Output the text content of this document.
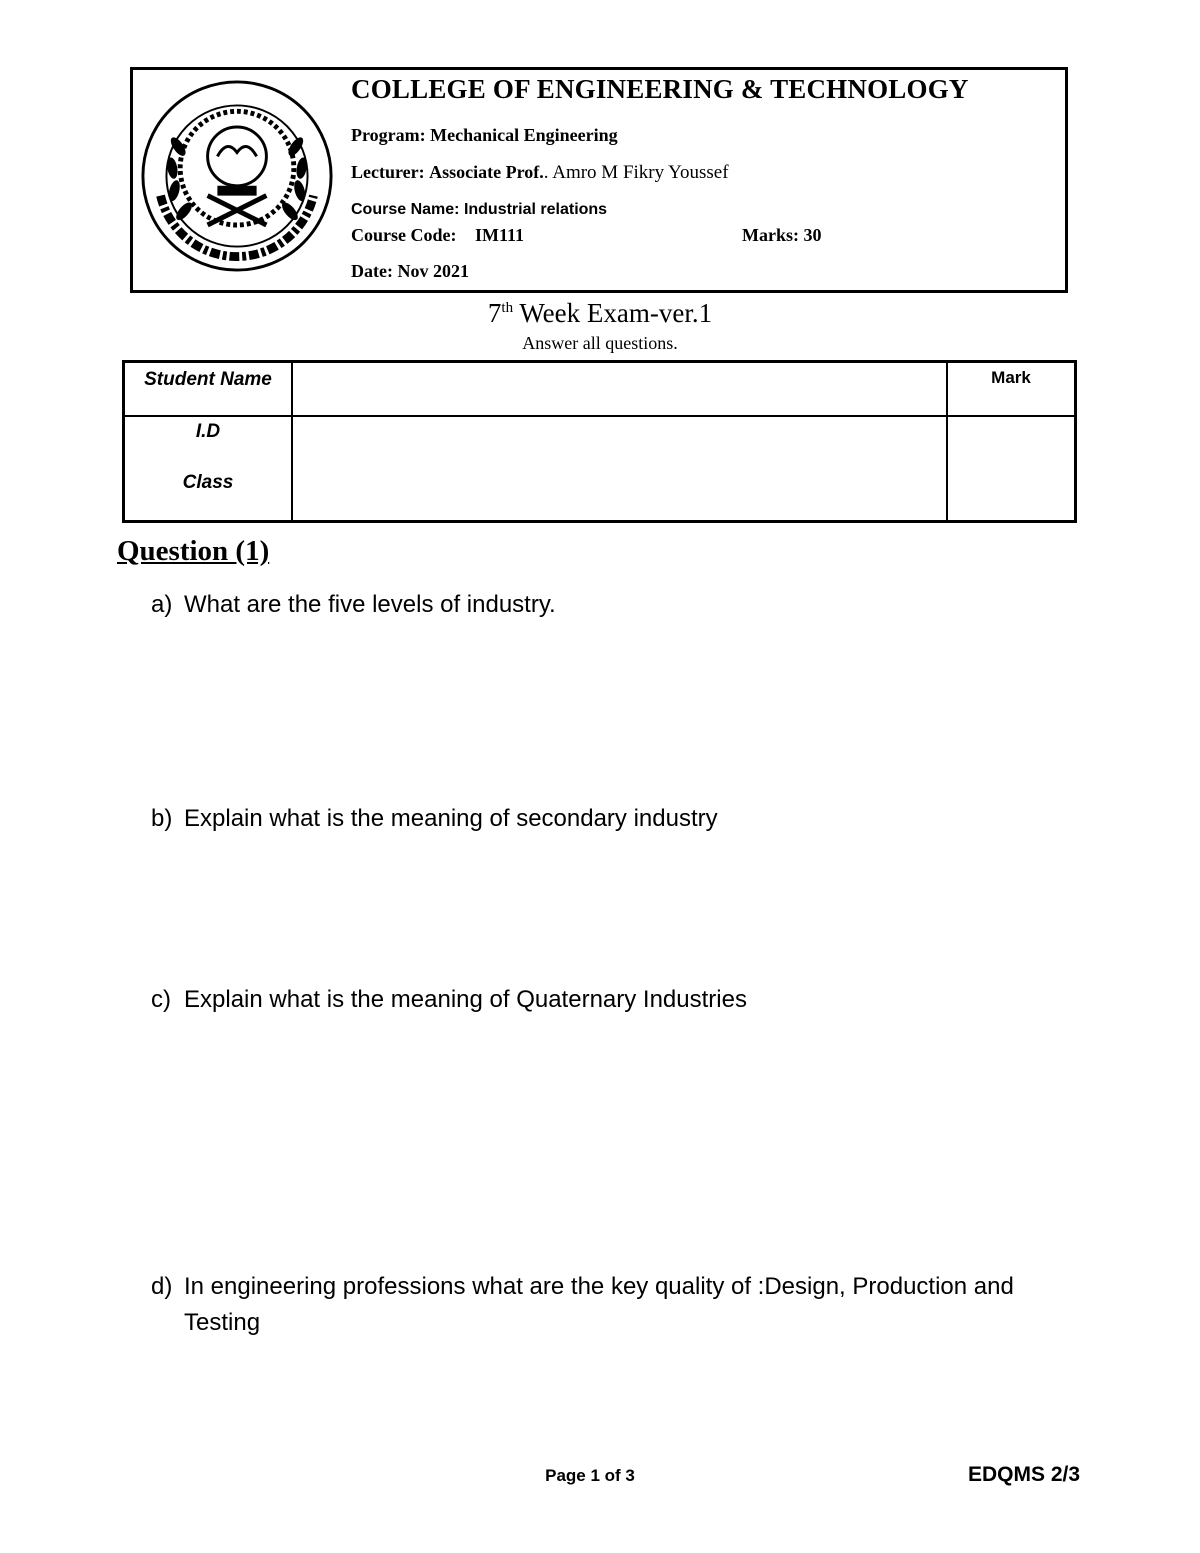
COLLEGE OF ENGINEERING & TECHNOLOGY
Program: Mechanical Engineering
Lecturer: Associate Prof.. Amro M Fikry Youssef
Course Name: Industrial relations
Course Code: IM111	Marks: 30
Date: Nov 2021
7th Week Exam-ver.1
Answer all questions.
Student Name		Mark

I.D
Class		

Question (1)
a) What are the five levels of industry.
b) Explain what is the meaning of secondary industry
c) Explain what is the meaning of Quaternary Industries
d) In engineering professions what are the key quality of :Design, Production and Testing
Page 1 of 3	EDQMS 2/3
